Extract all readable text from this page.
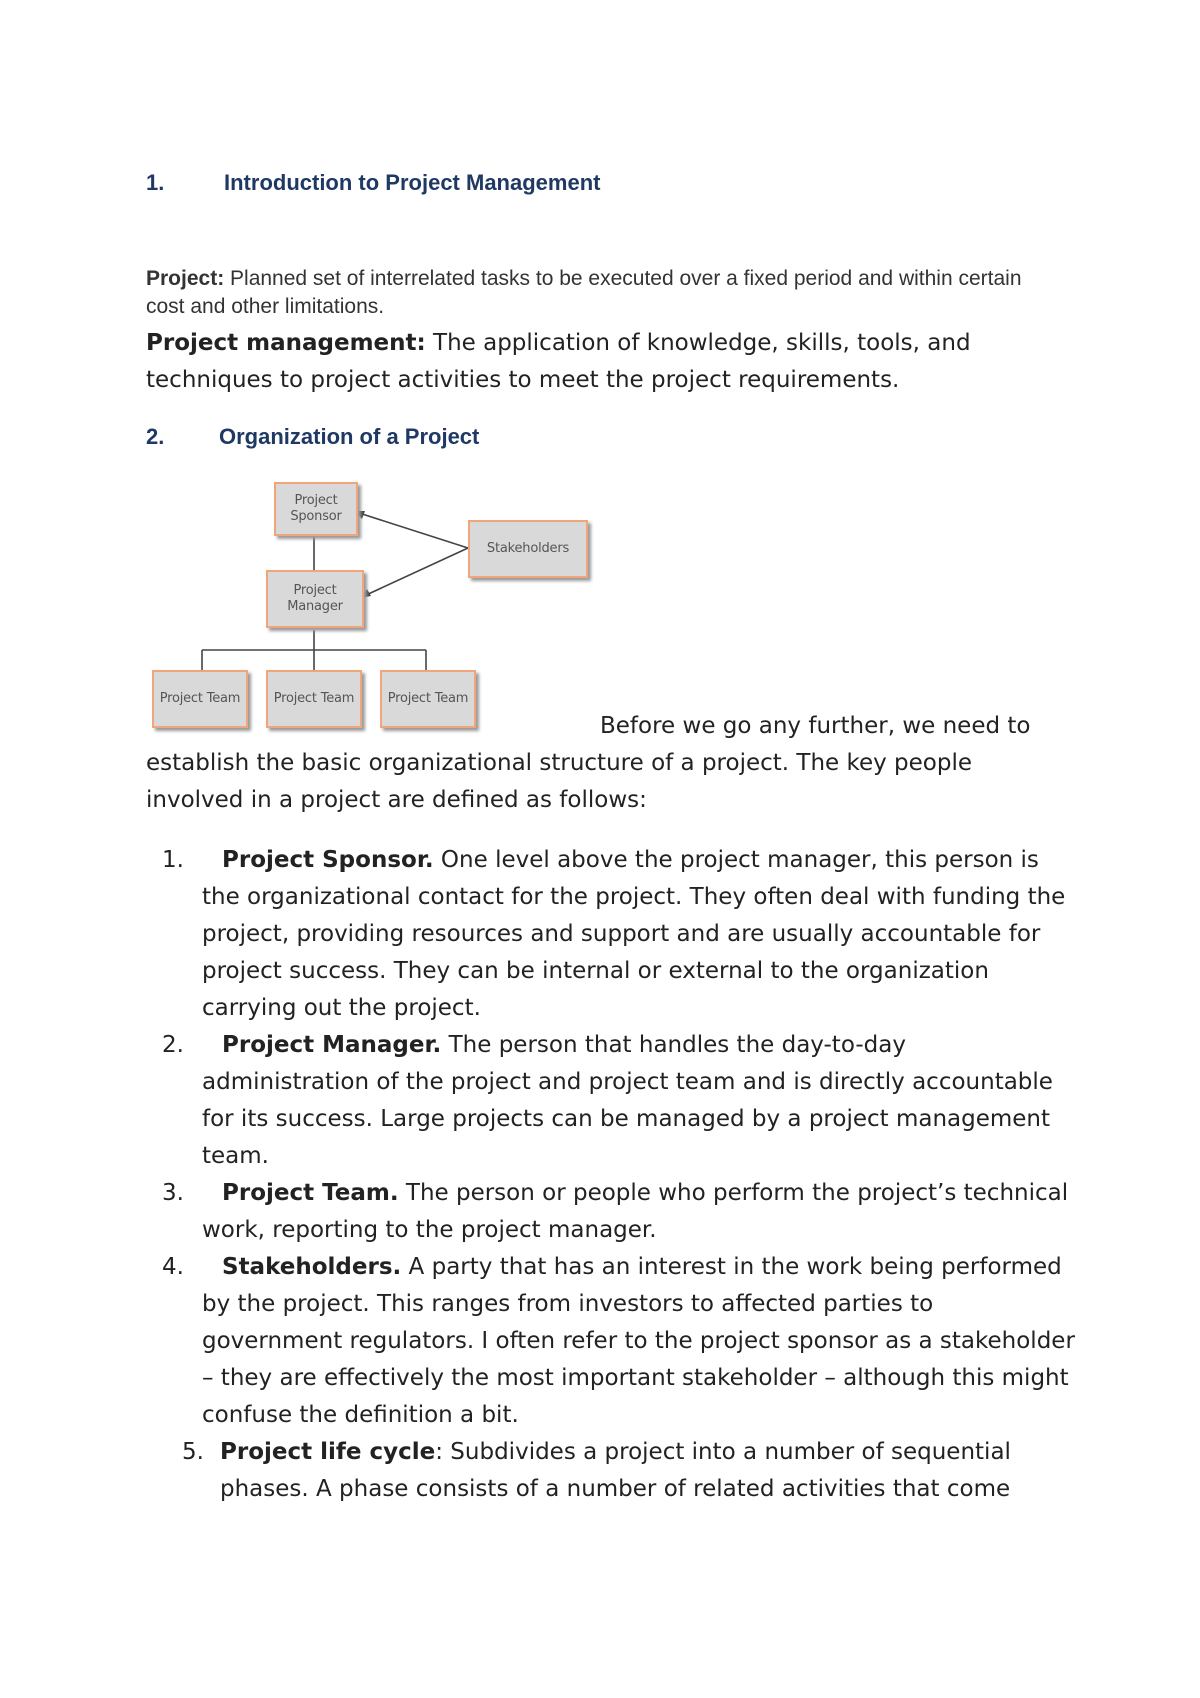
1.	Introduction to Project Management

Project: Planned set of interrelated tasks to be executed over a fixed period and within certain cost and other limitations.

Project management: The application of knowledge, skills, tools, and techniques to project activities to meet the project requirements.

2. Organization of a Project
Project Sponsor
Stakeholders
Project Manager
Project Team	Project Team	Project Team

Before we go any further, we need to establish the basic organizational structure of a project. The key people involved in a project are defined as follows:

1. Project Sponsor. One level above the project manager, this person is the organizational contact for the project. They often deal with funding the project, providing resources and support and are usually accountable for project success. They can be internal or external to the organization carrying out the project.
2. Project Manager. The person that handles the day-to-day administration of the project and project team and is directly accountable for its success. Large projects can be managed by a project management team.
3. Project Team. The person or people who perform the project’s technical work, reporting to the project manager.
4. Stakeholders. A party that has an interest in the work being performed by the project. This ranges from investors to affected parties to government regulators. I often refer to the project sponsor as a stakeholder – they are effectively the most important stakeholder – although this might confuse the definition a bit.
5. Project life cycle: Subdivides a project into a number of sequential phases. A phase consists of a number of related activities that come
